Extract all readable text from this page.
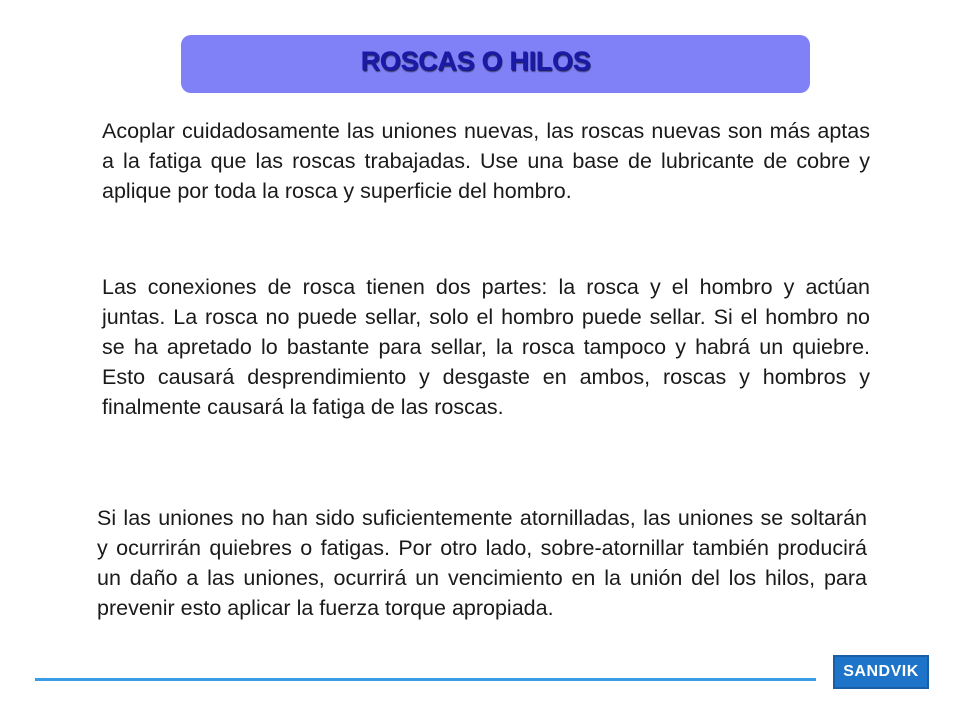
ROSCAS O HILOS

Acoplar cuidadosamente las uniones nuevas, las roscas nuevas son más aptas a la fatiga que las roscas trabajadas. Use una base de lubricante de cobre y aplique por toda la rosca y superficie del hombro.

Las conexiones de rosca tienen dos partes: la rosca y el hombro y actúan juntas. La rosca no puede sellar, solo el hombro puede sellar. Si el hombro no se ha apretado lo bastante para sellar, la rosca tampoco y habrá un quiebre. Esto causará desprendimiento y desgaste en ambos, roscas y hombros y finalmente causará la fatiga de las roscas.

Si las uniones no han sido suficientemente atornilladas, las uniones se soltarán y ocurrirán quiebres o fatigas. Por otro lado, sobre-atornillar también producirá un daño a las uniones, ocurrirá un vencimiento en la unión del los hilos, para prevenir esto aplicar la fuerza torque apropiada.

SANDVIK
